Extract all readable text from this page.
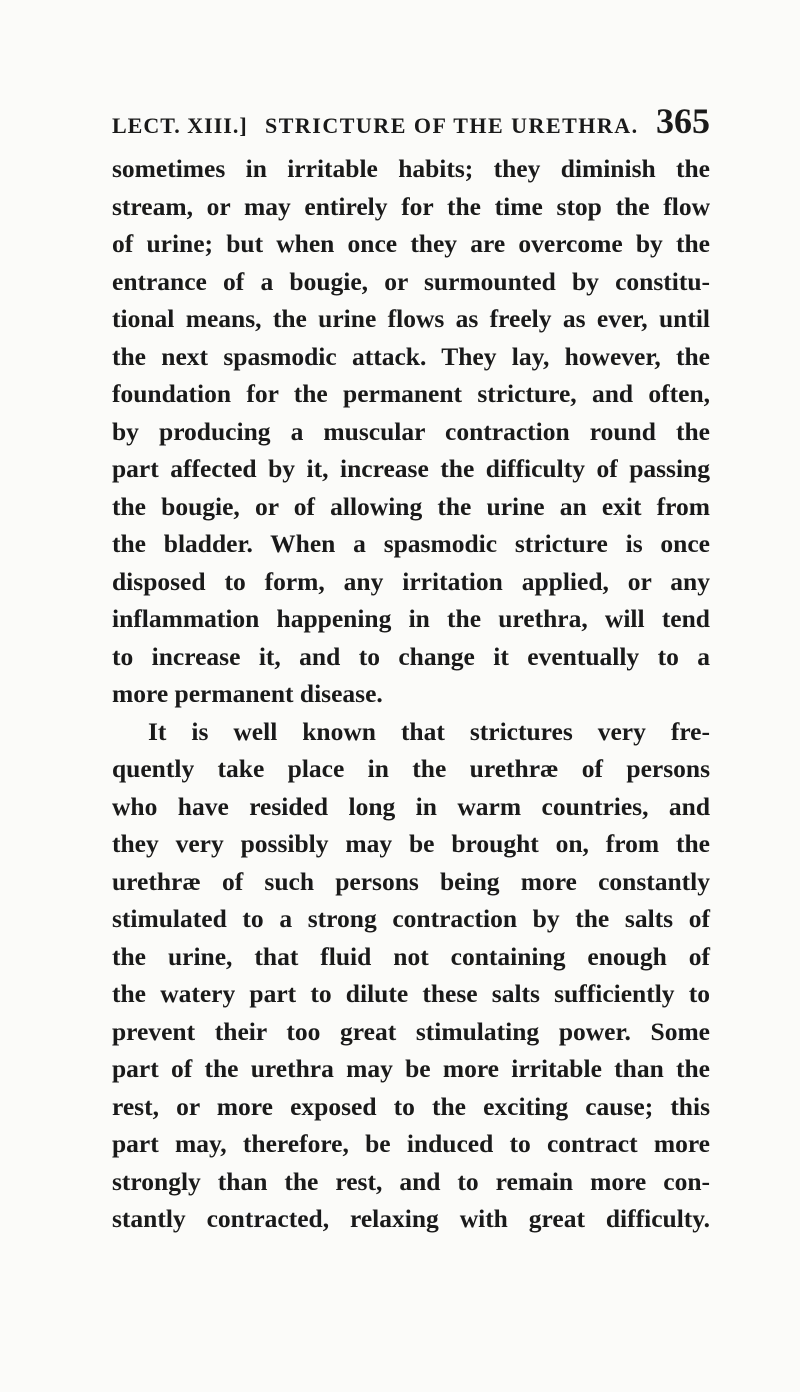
LECT. XIII.] STRICTURE OF THE URETHRA. 365
sometimes in irritable habits; they diminish the
stream, or may entirely for the time stop the flow
of urine; but when once they are overcome by the
entrance of a bougie, or surmounted by constitu-
tional means, the urine flows as freely as ever, until
the next spasmodic attack. They lay, however, the
foundation for the permanent stricture, and often,
by producing a muscular contraction round the
part affected by it, increase the difficulty of passing
the bougie, or of allowing the urine an exit from
the bladder. When a spasmodic stricture is once
disposed to form, any irritation applied, or any
inflammation happening in the urethra, will tend
to increase it, and to change it eventually to a
more permanent disease.
It is well known that strictures very fre-
quently take place in the urethræ of persons
who have resided long in warm countries, and
they very possibly may be brought on, from the
urethræ of such persons being more constantly
stimulated to a strong contraction by the salts of
the urine, that fluid not containing enough of
the watery part to dilute these salts sufficiently to
prevent their too great stimulating power. Some
part of the urethra may be more irritable than the
rest, or more exposed to the exciting cause; this
part may, therefore, be induced to contract more
strongly than the rest, and to remain more con-
stantly contracted, relaxing with great difficulty.
